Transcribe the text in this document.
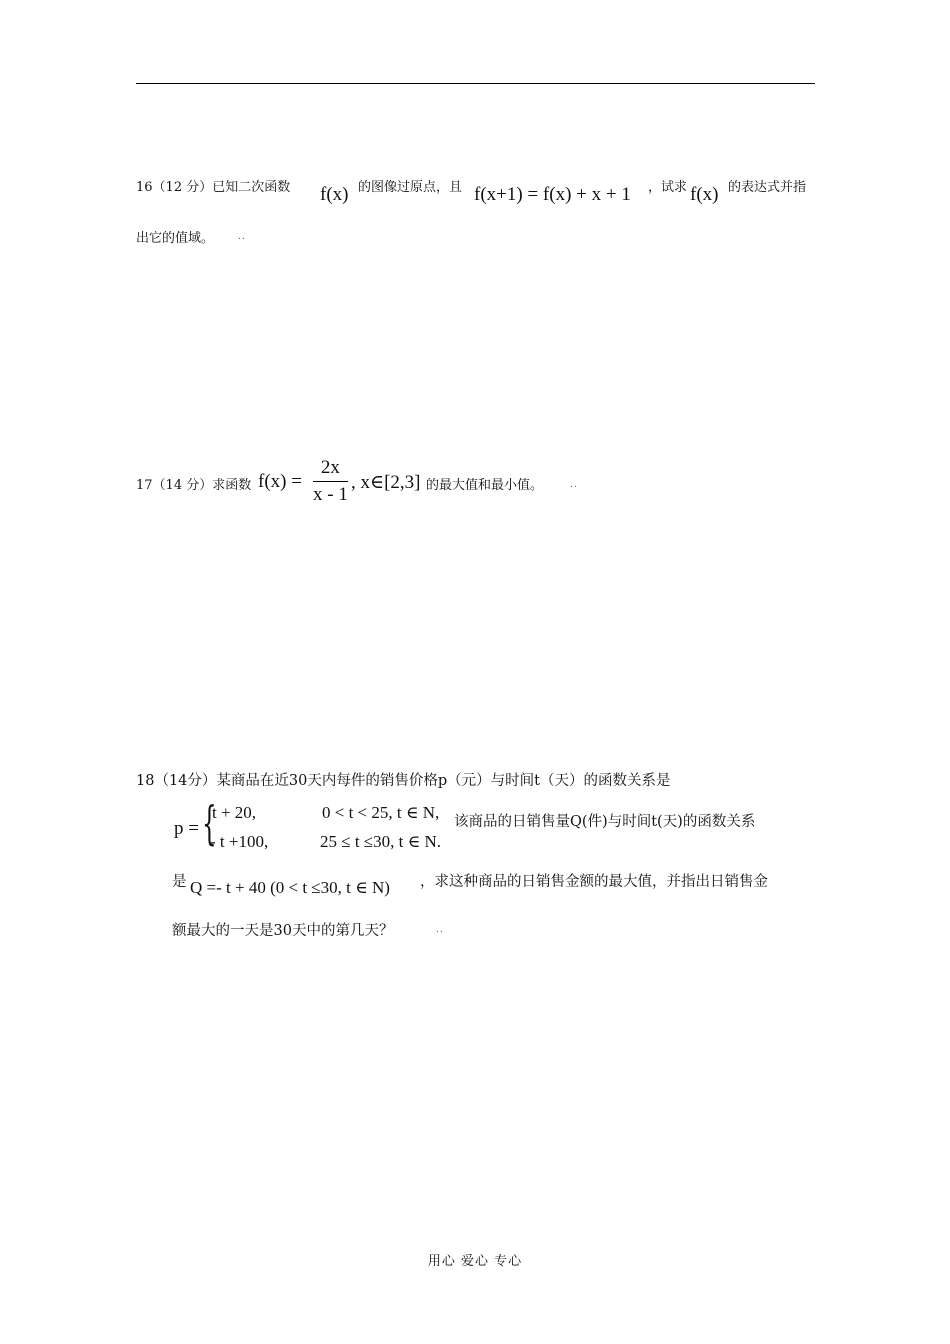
16（12 分）已知二次函数 f(x) 的图像过原点，且 f(x+1) = f(x) + x + 1 ，试求 f(x) 的表达式并指
出它的值域。	..
17（14 分）求函数 $f(x) = \frac{2x}{x - 1}$ , x∈[2,3] 的最大值和最小值。	..
18（14分）某商品在近30天内每件的销售价格p（元）与时间t（天）的函数关系是
p = {
t + 20,	0 < t < 25, t ∈ N,
- t +100,	25 ≤ t ≤30, t ∈ N.
该商品的日销售量Q(件)与时间t(天)的函数关系
是 Q =- t + 40 (0 < t ≤30, t ∈ N) ，求这种商品的日销售金额的最大值，并指出日销售金
额最大的一天是30天中的第几天？	..
用心 爱心 专心
